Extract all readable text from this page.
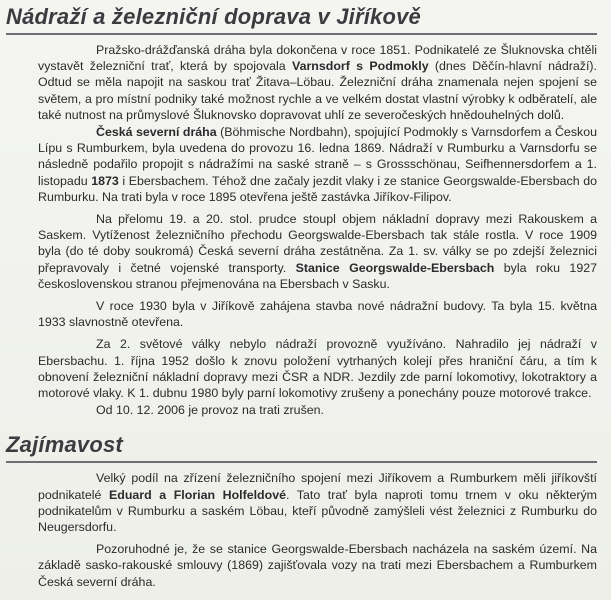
Nádraží a železniční doprava v Jiříkově

Pražsko-drážďanská dráha byla dokončena v roce 1851. Podnikatelé ze Šluknovska chtěli vystavět železniční trať, která by spojovala Varnsdorf s Podmokly (dnes Děčín-hlavní nádraží). Odtud se měla napojit na saskou trať Žitava–Löbau. Železniční dráha znamenala nejen spojení se světem, a pro místní podniky také možnost rychle a ve velkém dostat vlastní výrobky k odběratelí, ale také nutnost na průmyslové Šluknovsko dopravovat uhlí ze severočeských hnědouhelných dolů.

Česká severní dráha (Böhmische Nordbahn), spojující Podmokly s Varnsdorfem a Českou Lípu s Rumburkem, byla uvedena do provozu 16. ledna 1869. Nádraží v Rumburku a Varnsdorfu se následně podařilo propojit s nádražími na saské straně – s Grossschönau, Seifhennersdorfem a 1. listopadu 1873 i Ebersbachem. Téhož dne začaly jezdit vlaky i ze stanice Georgswalde-Ebersbach do Rumburku. Na trati byla v roce 1895 otevřena ještě zastávka Jiříkov-Filipov.

Na přelomu 19. a 20. stol. prudce stoupl objem nákladní dopravy mezi Rakouskem a Saskem. Vytíženost železničního přechodu Georgswalde-Ebersbach tak stále rostla. V roce 1909 byla (do té doby soukromá) Česká severní dráha zestátněna. Za 1. sv. války se po zdejší železnici přepravovaly i četné vojenské transporty. Stanice Georgswalde-Ebersbach byla roku 1927 československou stranou přejmenována na Ebersbach v Sasku.

V roce 1930 byla v Jiříkově zahájena stavba nové nádražní budovy. Ta byla 15. května 1933 slavnostně otevřena.

Za 2. světové války nebylo nádraží provozně využíváno. Nahradilo jej nádraží v Ebersbachu. 1. října 1952 došlo k znovu položení vytrhaných kolejí přes hraniční čáru, a tím k obnovení železniční nákladní dopravy mezi ČSR a NDR. Jezdily zde parní lokomotivy, lokotraktory a motorové vlaky. K 1. dubnu 1980 byly parní lokomotivy zrušeny a ponechány pouze motorové trakce.

Od 10. 12. 2006 je provoz na trati zrušen.

Zajímavost

Velký podíl na zřízení železničního spojení mezi Jiříkovem a Rumburkem měli jiříkovští podnikatelé Eduard a Florian Holfeldové. Tato trať byla naproti tomu trnem v oku některým podnikatelům v Rumburku a saském Löbau, kteří původně zamýšleli vést železnici z Rumburku do Neugersdorfu.

Pozoruhodné je, že se stanice Georgswalde-Ebersbach nacházela na saském území. Na základě sasko-rakouské smlouvy (1869) zajišťovala vozy na trati mezi Ebersbachem a Rumburkem Česká severní dráha.
